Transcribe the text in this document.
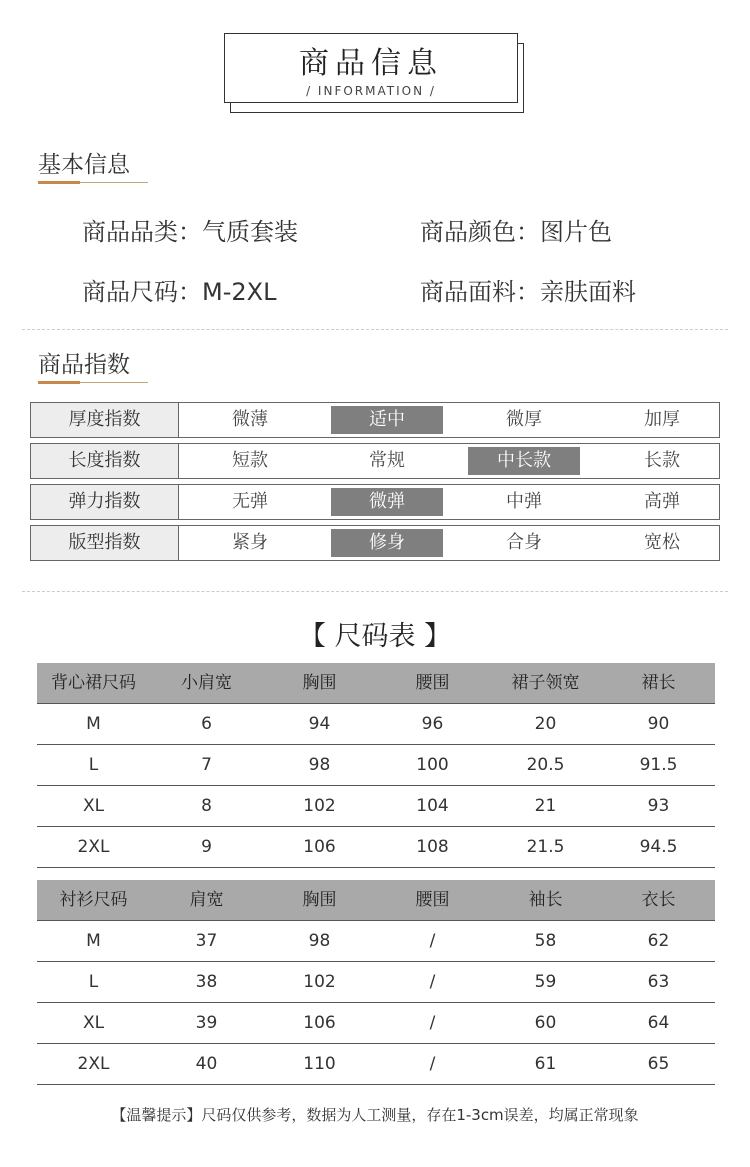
商品信息
/ INFORMATION /
基本信息
商品品类：气质套装	商品颜色：图片色
商品尺码：M-2XL	商品面料：亲肤面料
商品指数
厚度指数	微薄	适中	微厚	加厚
长度指数	短款	常规	中长款	长款
弹力指数	无弹	微弹	中弹	高弹
版型指数	紧身	修身	合身	宽松
【 尺码表 】
背心裙尺码	小肩宽	胸围	腰围	裙子领宽	裙长
M	6	94	96	20	90
L	7	98	100	20.5	91.5
XL	8	102	104	21	93
2XL	9	106	108	21.5	94.5
衬衫尺码	肩宽	胸围	腰围	袖长	衣长
M	37	98	/	58	62
L	38	102	/	59	63
XL	39	106	/	60	64
2XL	40	110	/	61	65
【温馨提示】尺码仅供参考，数据为人工测量，存在1-3cm误差，均属正常现象
